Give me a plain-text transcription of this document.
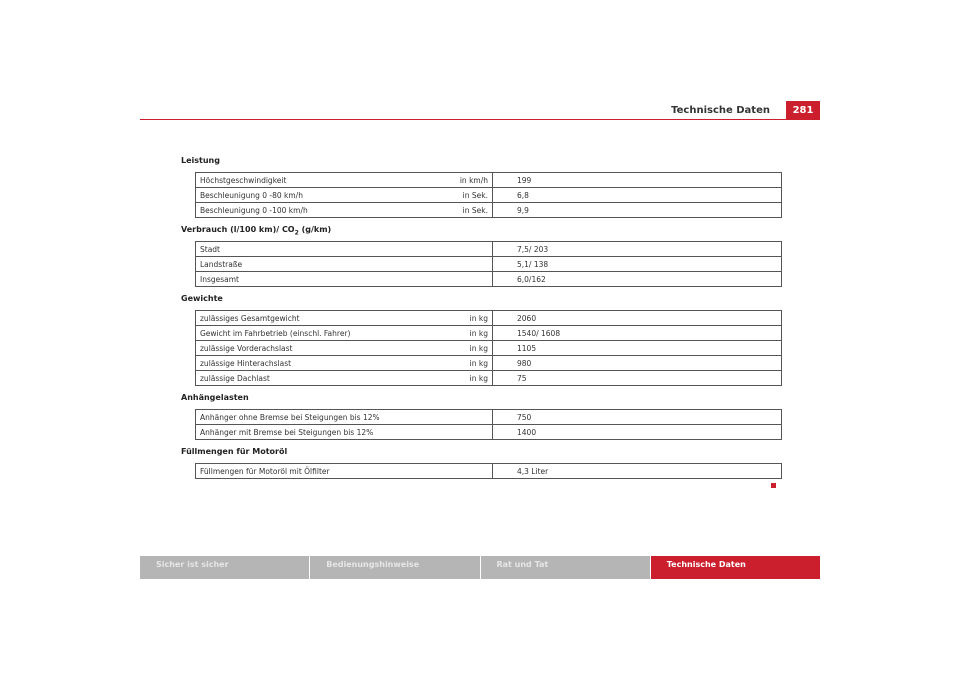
Technische Daten	281
Leistung
Höchstgeschwindigkeit	in km/h	199
Beschleunigung 0 -80 km/h	in Sek.	6,8
Beschleunigung 0 -100 km/h	in Sek.	9,9
Verbrauch (l/100 km)/ $CO_2$ (g/km)
Stadt	7,5/ 203
Landstraße	5,1/ 138
Insgesamt	6,0/162
Gewichte
zulässiges Gesamtgewicht	in kg	2060
Gewicht im Fahrbetrieb (einschl. Fahrer)	in kg	1540/ 1608
zulässige Vorderachslast	in kg	1105
zulässige Hinterachslast	in kg	980
zulässige Dachlast	in kg	75
Anhängelasten
Anhänger ohne Bremse bei Steigungen bis 12%	750
Anhänger mit Bremse bei Steigungen bis 12%	1400
Füllmengen für Motoröl
Füllmengen für Motoröl mit Ölfilter	4,3 Liter
Sicher ist sicher	Bedienungshinweise	Rat und Tat	Technische Daten
